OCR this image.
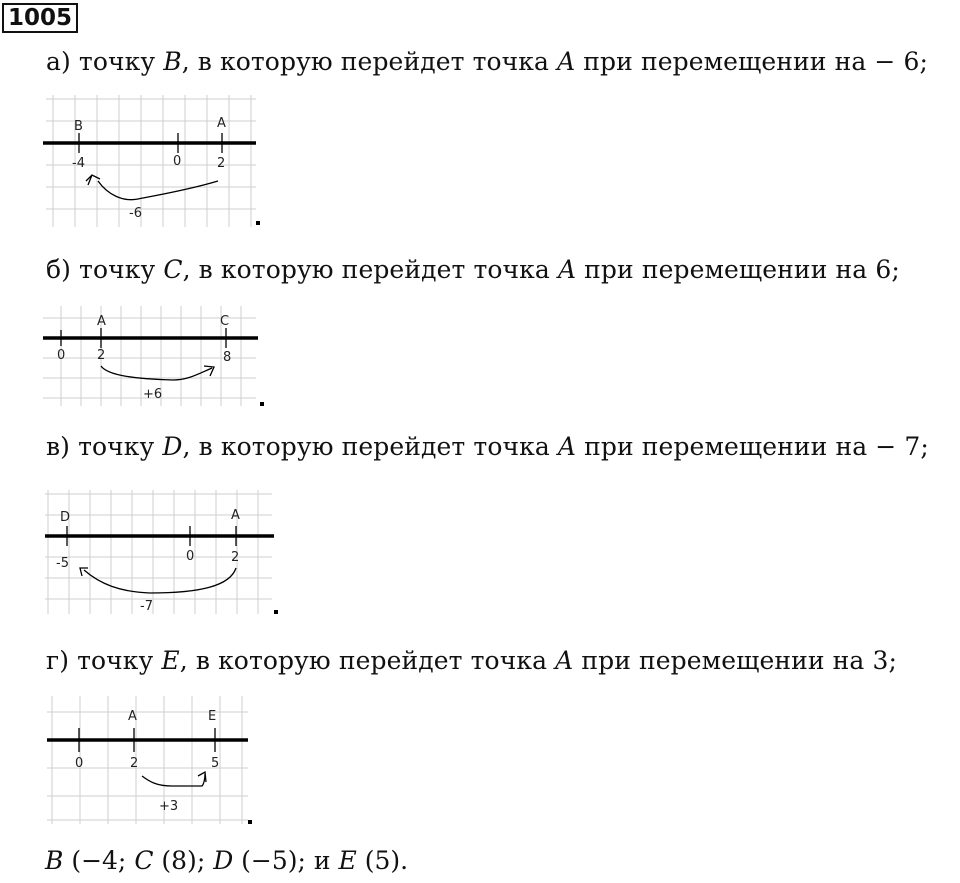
1005
а) точку B, в которую перейдет точка A при перемещении на − 6;
B	A
-4	0	2
-6
б) точку C, в которую перейдет точка A при перемещении на 6;
A	C
0 2	8
+6
в) точку D, в которую перейдет точка A при перемещении на − 7;
D	A
-5	0	2
-7
г) точку E, в которую перейдет точка A при перемещении на 3;
A	E
0	2	5
+3
B (−4; C (8); D (−5); и E (5).
